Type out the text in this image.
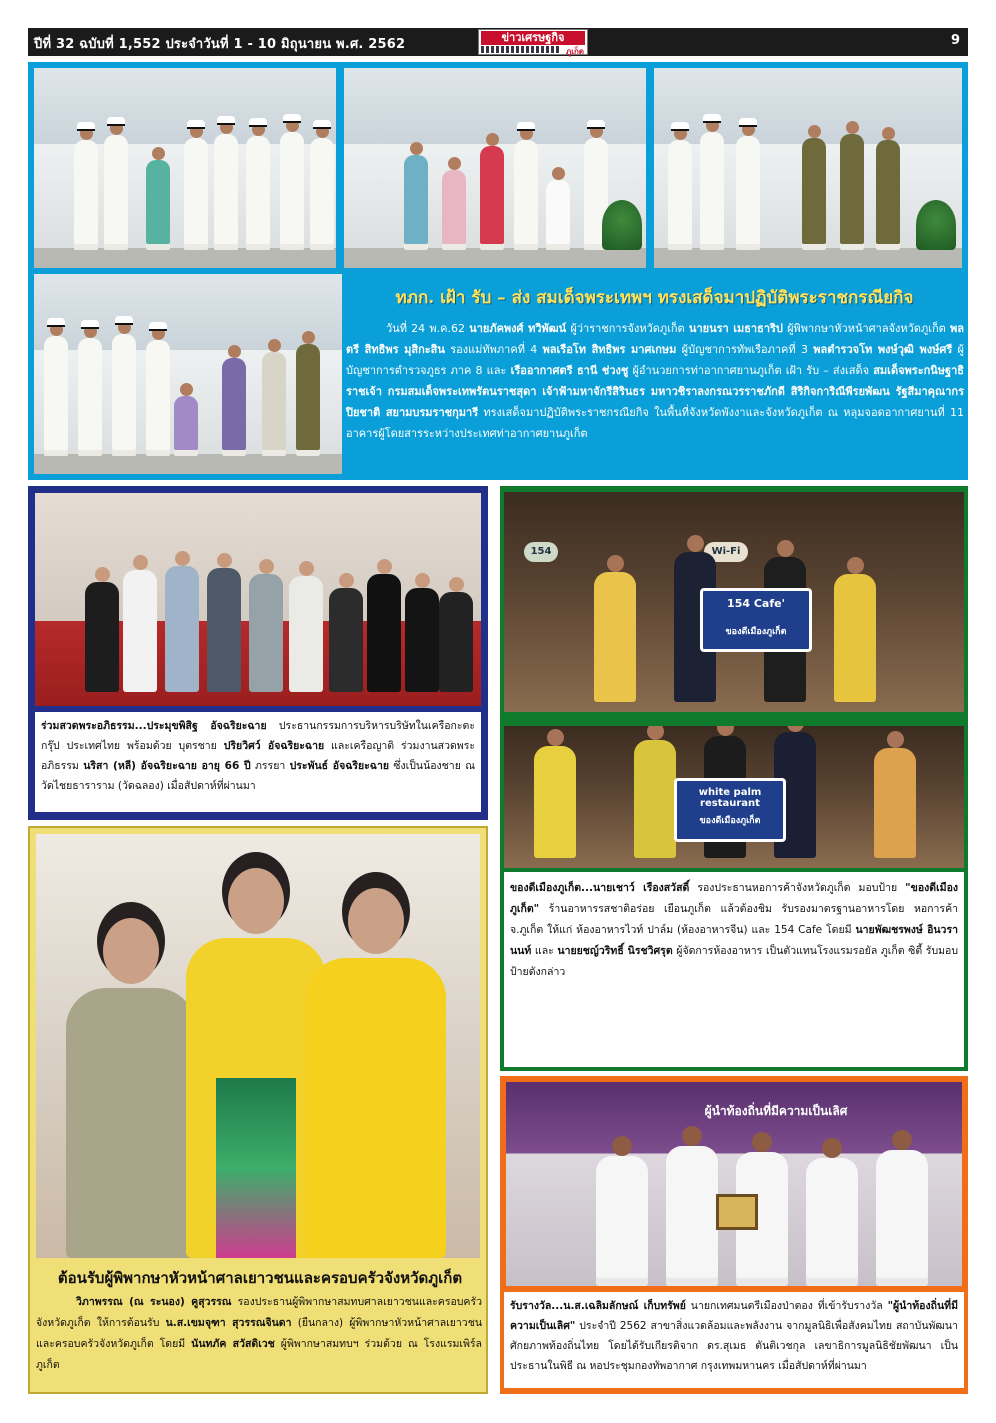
ปีที่ 32 ฉบับที่ 1,552 ประจำวันที่ 1 - 10 มิถุนายน พ.ศ. 2562	ข่าวเศรษฐกิจ
ภูเก็ต
9
ทภก. เฝ้า รับ – ส่ง สมเด็จพระเทพฯ ทรงเสด็จมาปฏิบัติพระราชกรณียกิจ
วันที่ 24 พ.ค.62 นายภัคพงศ์ ทวิพัฒน์ ผู้ว่าราชการจังหวัดภูเก็ต นายนรา เมธาธาริป ผู้พิพากษาหัวหน้าศาลจังหวัดภูเก็ต พลตรี สิทธิพร มุสิกะสิน รองแม่ทัพภาคที่ 4 พลเรือโท สิทธิพร มาศเกษม ผู้บัญชาการทัพเรือภาคที่ 3 พลตำรวจโท พงษ์วุฒิ พงษ์ศรี ผู้บัญชาการตำรวจภูธร ภาค 8 และ เรืออากาศตรี ธานี ช่วงชู ผู้อำนวยการท่าอากาศยานภูเก็ต เฝ้า รับ – ส่งเสด็จ สมเด็จพระกนิษฐาธิราชเจ้า กรมสมเด็จพระเทพรัตนราชสุดา เจ้าฟ้ามหาจักรีสิรินธร มหาวชิราลงกรณวรราชภักดี สิริกิจการิณีพีรยพัฒน รัฐสีมาคุณากรปิยชาติ สยามบรมราชกุมารี ทรงเสด็จมาปฏิบัติพระราชกรณียกิจ ในพื้นที่จังหวัดพังงาและจังหวัดภูเก็ต ณ หลุมจอดอากาศยานที่ 11 อาคารผู้โดยสารระหว่างประเทศท่าอากาศยานภูเก็ต
ร่วมสวดพระอภิธรรม...ประมุขพิสิฐ อัจฉริยะฉาย ประธานกรรมการบริหารบริษัทในเครือกะตะกรุ๊ป ประเทศไทย พร้อมด้วย บุตรชาย ปริยวิศว์ อัจฉริยะฉาย และเครือญาติ ร่วมงานสวดพระอภิธรรม นริสา (หลี) อัจฉริยะฉาย อายุ 66 ปี ภรรยา ประพันธ์ อัจฉริยะฉาย ซึ่งเป็นน้องชาย ณ วัดไชยธาราราม (วัดฉลอง) เมื่อสัปดาห์ที่ผ่านมา
154	Wi-Fi
154 Cafe'
ของดีเมืองภูเก็ต
white palm restaurant
ของดีเมืองภูเก็ต
ของดีเมืองภูเก็ต...นายเชาว์ เรืองสวัสดิ์ รองประธานหอการค้าจังหวัดภูเก็ต มอบป้าย "ของดีเมืองภูเก็ต" ร้านอาหารรสชาติอร่อย เยือนภูเก็ต แล้วต้องชิม รับรองมาตรฐานอาหารโดย หอการค้า จ.ภูเก็ต ให้แก่ ห้องอาหารไวท์ ปาล์ม (ห้องอาหารจีน) และ 154 Cafe โดยมี นายพัฒชรพงษ์ อินวรานนท์ และ นายยชญ์วริทธิ์ นิรชวิศรุต ผู้จัดการห้องอาหาร เป็นตัวแทนโรงแรมรอยัล ภูเก็ต ซิตี้ รับมอบป้ายดังกล่าว
ต้อนรับผู้พิพากษาหัวหน้าศาลเยาวชนและครอบครัวจังหวัดภูเก็ต
วิภาพรรณ (ณ ระนอง) คูสุวรรณ รองประธานผู้พิพากษาสมทบศาลเยาวชนและครอบครัวจังหวัดภูเก็ต ให้การต้อนรับ น.ส.เขมจุฑา สุวรรณจินดา (ยืนกลาง) ผู้พิพากษาหัวหน้าศาลเยาวชนและครอบครัวจังหวัดภูเก็ต โดยมี นันทภัค สวัสดิเวช ผู้พิพากษาสมทบฯ ร่วมด้วย ณ โรงแรมเพิร์ล ภูเก็ต
ผู้นำท้องถิ่นที่มีความเป็นเลิศ
รับรางวัล...น.ส.เฉลิมลักษณ์ เก็บทรัพย์ นายกเทศมนตรีเมืองป่าตอง ที่เข้ารับรางวัล "ผู้นำท้องถิ่นที่มีความเป็นเลิศ" ประจำปี 2562 สาขาสิ่งแวดล้อมและพลังงาน จากมูลนิธิเพื่อสังคมไทย สถาบันพัฒนาศักยภาพท้องถิ่นไทย โดยได้รับเกียรติจาก ดร.สุเมธ ตันติเวชกุล เลขาธิการมูลนิธิชัยพัฒนา เป็นประธานในพิธี ณ หอประชุมกองทัพอากาศ กรุงเทพมหานคร เมื่อสัปดาห์ที่ผ่านมา
